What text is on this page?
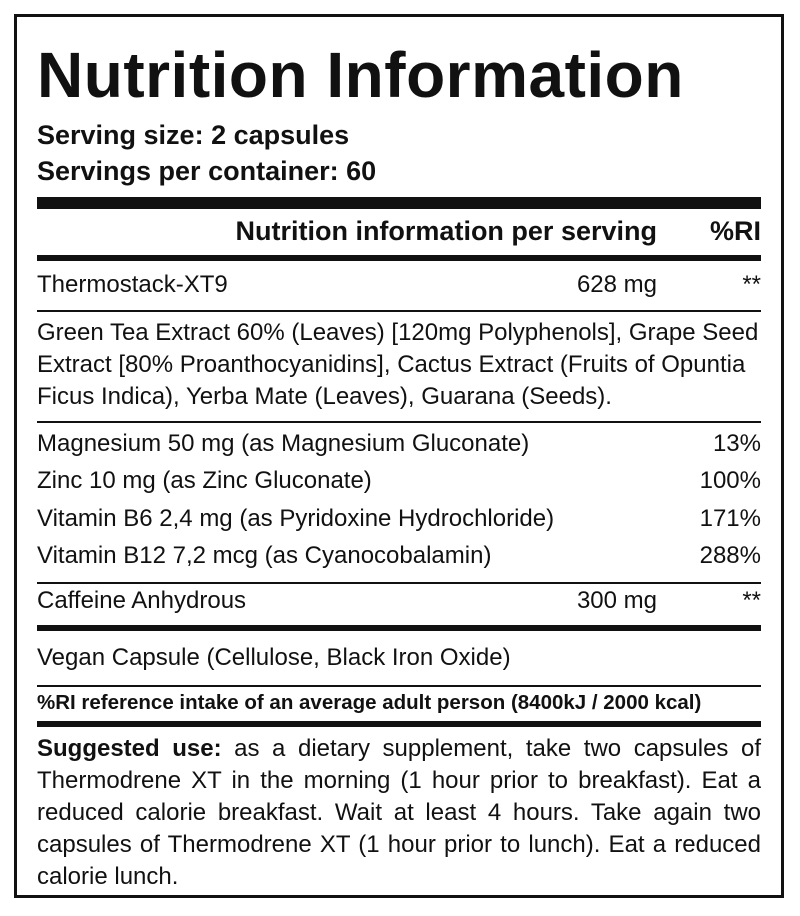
Nutrition Information
Serving size: 2 capsules
Servings per container: 60
Nutrition information per serving %RI
Thermostack-XT9	628 mg	**
Green Tea Extract 60% (Leaves) [120mg Polyphenols], Grape Seed Extract [80% Proanthocyanidins], Cactus Extract (Fruits of Opuntia Ficus Indica), Yerba Mate (Leaves), Guarana (Seeds).
Magnesium 50 mg (as Magnesium Gluconate)	13%
Zinc 10 mg (as Zinc Gluconate)	100%
Vitamin B6 2,4 mg (as Pyridoxine Hydrochloride)	171%
Vitamin B12 7,2 mcg (as Cyanocobalamin)	288%
Caffeine Anhydrous	300 mg	**
Vegan Capsule (Cellulose, Black Iron Oxide)
%RI reference intake of an average adult person (8400kJ / 2000 kcal)
Suggested use: as a dietary supplement, take two capsules of Thermodrene XT in the morning (1 hour prior to breakfast). Eat a reduced calorie breakfast. Wait at least 4 hours. Take again two capsules of Thermodrene XT (1 hour prior to lunch). Eat a reduced calorie lunch.
